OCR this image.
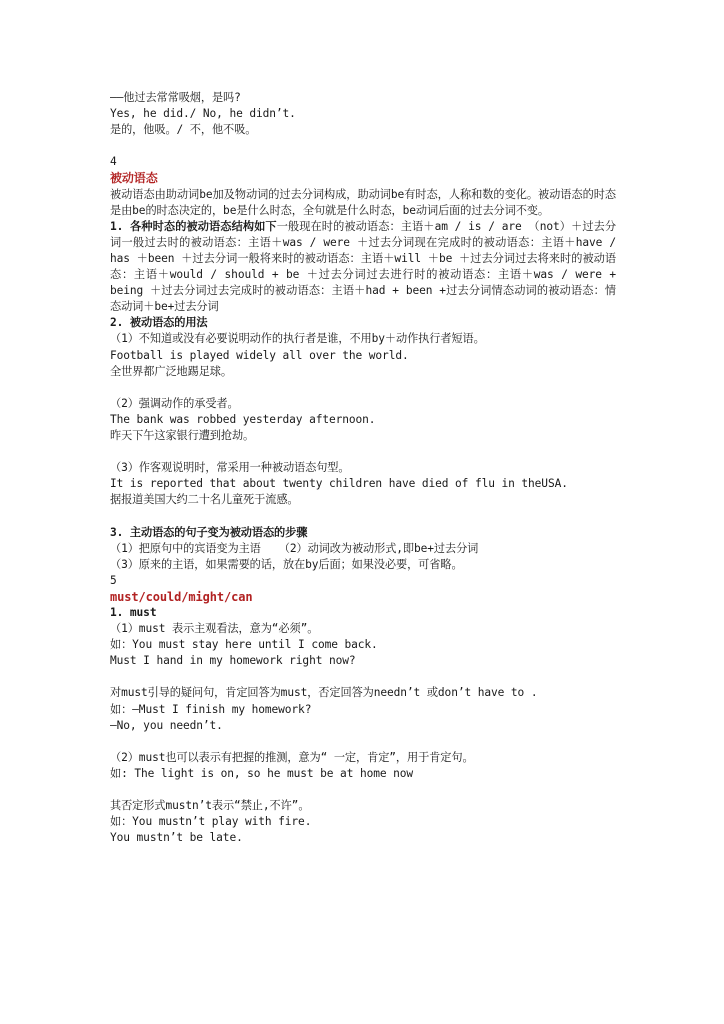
——他过去常常吸烟，是吗?
Yes, he did./ No, he didn’t.
是的，他吸。/ 不，他不吸。
4
被动语态
被动语态由助动词be加及物动词的过去分词构成，助动词be有时态，人称和数的变化。被动语态的时态是由be的时态决定的，be是什么时态，全句就是什么时态，be动词后面的过去分词不变。
1. 各种时态的被动语态结构如下一般现在时的被动语态：主语＋am / is / are （not）＋过去分词一般过去时的被动语态：主语＋was / were ＋过去分词现在完成时的被动语态：主语＋have / has ＋been ＋过去分词一般将来时的被动语态：主语＋will ＋be ＋过去分词过去将来时的被动语态：主语＋would / should + be ＋过去分词过去进行时的被动语态：主语＋was / were + being ＋过去分词过去完成时的被动语态：主语＋had + been +过去分词情态动词的被动语态：情态动词＋be+过去分词
2. 被动语态的用法
（1）不知道或没有必要说明动作的执行者是谁，不用by＋动作执行者短语。
Football is played widely all over the world.
全世界都广泛地踢足球。
（2）强调动作的承受者。
The bank was robbed yesterday afternoon.
昨天下午这家银行遭到抢劫。
（3）作客观说明时，常采用一种被动语态句型。
It is reported that about twenty children have died of flu in theUSA.
据报道美国大约二十名儿童死于流感。
3. 主动语态的句子变为被动语态的步骤
（1）把原句中的宾语变为主语 （2）动词改为被动形式,即be+过去分词
（3）原来的主语，如果需要的话，放在by后面；如果没必要，可省略。
5
must/could/might/can
1. must
（1）must 表示主观看法，意为“必须”。
如：You must stay here until I come back.
Must I hand in my homework right now?
对must引导的疑问句，肯定回答为must，否定回答为needn’t 或don’t have to .
如：—Must I finish my homework?
—No, you needn’t.
（2）must也可以表示有把握的推测，意为“ 一定，肯定”，用于肯定句。
如: The light is on, so he must be at home now
其否定形式mustn’t表示“禁止,不许”。
如：You mustn’t play with fire.
You mustn’t be late.
